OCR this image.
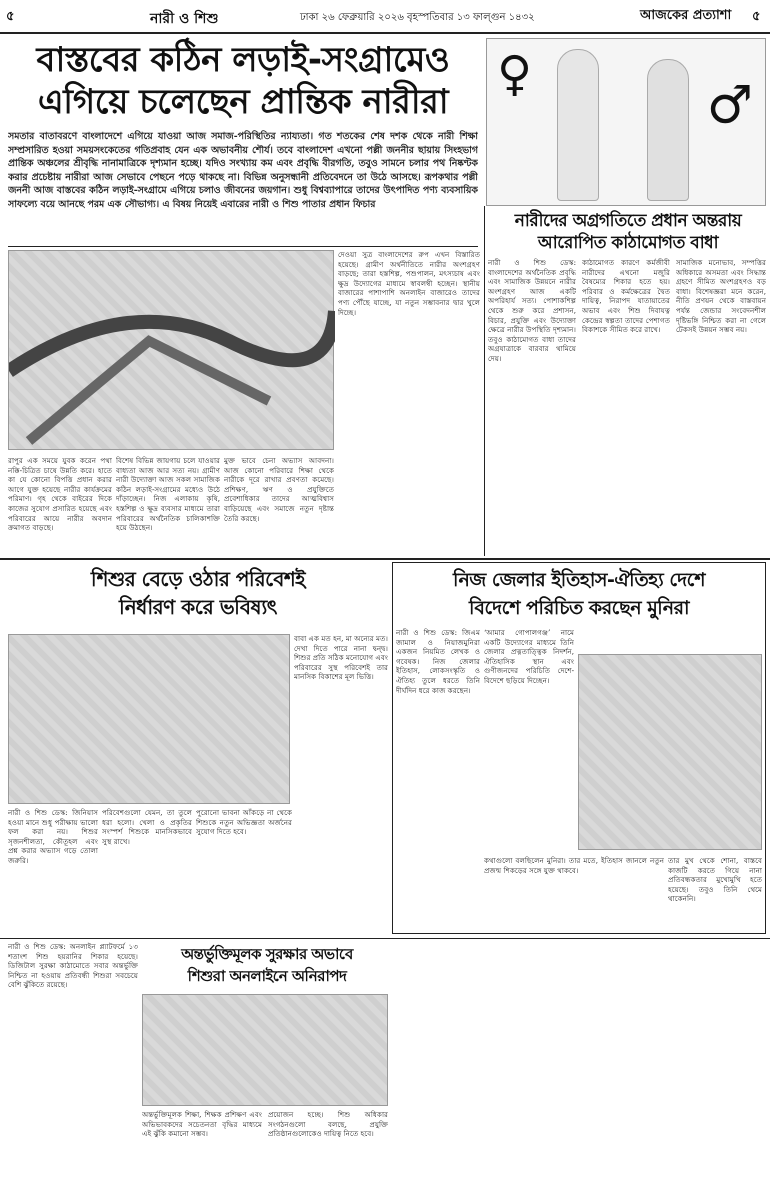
৫	নারী ও শিশু	ঢাকা ২৬ ফেব্রুয়ারি ২০২৬ বৃহস্পতিবার ১৩ ফাল্গুন ১৪৩২	আজকের প্রত্যাশা ৫
বাস্তবের কঠিন লড়াই-সংগ্রামেও
এগিয়ে চলেছেন প্রান্তিক নারীরা	♀
♂
সমতার বাতাবরণে বাংলাদেশে এগিয়ে যাওয়া আজ সমাজ-পরিস্থিতির ন্যায্যতা। গত শতকের শেষ দশক থেকে নারী শিক্ষা সম্প্রসারিত হওয়া সময়সংকেতের গতিপ্রবাহ যেন এক অভাবনীয় শৌর্য। তবে বাংলাদেশ এখনো পল্লী জননীর ছায়ায় সিংহভাগ প্রান্তিক অঞ্চলের শ্রীবৃদ্ধি নানামাত্রিকে দৃশ্যমান হচ্ছে। যদিও সংখ্যায় কম এবং প্রবৃদ্ধি বীরগতি, তবুও সামনে চলার পথ নিষ্কণ্টক করার প্রচেষ্টায় নারীরা আজ সেভাবে পেছনে পড়ে থাকছে না। বিভিন্ন অনুসন্ধানী প্রতিবেদনে তা উঠে আসছে। রূপকথার পল্লী জননী আজ বাস্তবের কঠিন লড়াই-সংগ্রামে এগিয়ে চলাও জীবনের জয়গান। শুধু বিশ্বব্যাপারে তাদের উৎপাদিত পণ্য ব্যবসায়িক সাফল্যে বয়ে আনছে পরম এক সৌভাগ্য। এ বিষয় নিয়েই এবারের নারী ও শিশু পাতার প্রধান ফিচার
দেওয়া সুত্র বাংলাদেশের রুপ এখন বিস্তারিত হয়েছে। গ্রামীণ অর্থনীতিতে নারীর অংশগ্রহণ বাড়ছে; তারা হস্তশিল্প, পশুপালন, মৎস্যচাষ এবং ক্ষুদ্র উদ্যোগের মাধ্যমে স্বাবলম্বী হচ্ছেন। স্থানীয় বাজারের পাশাপাশি অনলাইন বাজারেও তাদের পণ্য পৌঁছে যাচ্ছে, যা নতুন সম্ভাবনার দ্বার খুলে দিচ্ছে।
রাপুর এক সময়ে যুবক করেন পথা নক্কি-চিত্রিত চাষে উন্নতি করে। হাতে কা যে কোনো বিপত্তি প্রধান করার আগে যুক্ত হয়েছে নারীর কার্যক্রমের পরিমাণ। গৃহ থেকে বাইরের দিকে কাজের সুযোগ প্রসারিত হয়েছে এবং পরিবারের আয়ে নারীর অবদান ক্রমাগত বাড়ছে।
বিশেষ বিভিন্ন জায়গায় চলে যাওয়ার বাধ্যতা আজ আর সত্য নয়। গ্রামীণ নারী উদ্যোক্তা আজ সকল সামাজিক কঠিন লড়াই-সংগ্রামের মধ্যেও উঠে দাঁড়াচ্ছেন। নিজ এলাকায় কৃষি, হস্তশিল্প ও ক্ষুদ্র ব্যবসার মাধ্যমে তারা পরিবারের অর্থনৈতিক চালিকাশক্তি হয়ে উঠছেন।
মুক্ত ভাবে চেনা অভ্যাস আবদনা। আজ কোনো পরিবারে শিক্ষা থেকে নারীকে দূরে রাখার প্রবণতা কমেছে। প্রশিক্ষণ, ঋণ ও প্রযুক্তিতে প্রবেশাধিকার তাদের আত্মবিশ্বাস বাড়িয়েছে এবং সমাজে নতুন দৃষ্টান্ত তৈরি করছে।
নারীদের অগ্রগতিতে প্রধান অন্তরায়
আরোপিত কাঠামোগত বাধা
নারী ও শিশু ডেস্ক: বাংলাদেশের অর্থনৈতিক প্রবৃদ্ধি এবং সামাজিক উন্নয়নে নারীর অংশগ্রহণ আজ একটি অপরিহার্য সত্য। পোশাকশিল্প থেকে শুরু করে প্রশাসন, বিচার, প্রযুক্তি এবং উদ্যোক্তা ক্ষেত্রে নারীর উপস্থিতি দৃশ্যমান। তবুও কাঠামোগত বাধা তাদের অগ্রযাত্রাকে বারবার থামিয়ে দেয়।
কাঠামোগত কারণে কর্মজীবী নারীদের এখনো মজুরি বৈষম্যের শিকার হতে হয়। পরিবার ও কর্মক্ষেত্রের দ্বৈত দায়িত্ব, নিরাপদ যাতায়াতের অভাব এবং শিশু দিবাযত্ন কেন্দ্রের স্বল্পতা তাদের পেশাগত বিকাশকে সীমিত করে রাখে।
সামাজিক মনোভাব, সম্পত্তির অধিকারে অসমতা এবং সিদ্ধান্ত গ্রহণে সীমিত অংশগ্রহণও বড় বাধা। বিশেষজ্ঞরা মনে করেন, নীতি প্রণয়ন থেকে বাস্তবায়ন পর্যন্ত জেন্ডার সংবেদনশীল দৃষ্টিভঙ্গি নিশ্চিত করা না গেলে টেকসই উন্নয়ন সম্ভব নয়।
শিশুর বেড়ে ওঠার পরিবেশই
নির্ধারণ করে ভবিষ্যৎ
বাবা এক মত হন, মা অন্যের মত। দেখা দিতে পারে নানা দ্বন্দ্ব। শিশুর প্রতি সঠিক মনোযোগ এবং পরিবারের সুস্থ পরিবেশই তার মানসিক বিকাশের মূল ভিত্তি।
নারী ও শিশু ডেস্ক: জিনিয়াস হওয়া মানে শুধু পরীক্ষায় ভালো ফল করা নয়। শিশুর সৃজনশীলতা, কৌতূহল এবং প্রশ্ন করার অভ্যাস গড়ে তোলা জরুরি।
পরিবেশগুলো যেমন, তা তুলে ধরা হলো। খেলা ও প্রকৃতির সংস্পর্শ শিশুকে মানসিকভাবে সুস্থ রাখে।
পুরোনো ভাবনা আঁকড়ে না থেকে শিশুকে নতুন অভিজ্ঞতা অর্জনের সুযোগ দিতে হবে।
নিজ জেলার ইতিহাস-ঐতিহ্য দেশে
বিদেশে পরিচিত করছেন মুনিরা
নারী ও শিশু ডেস্ক: জিএম জামাল ও নিয়াজমুনিরা একজন নিয়মিত লেখক ও গবেষক। নিজ জেলার ইতিহাস, লোকসংস্কৃতি ও ঐতিহ্য তুলে ধরতে তিনি দীর্ঘদিন ধরে কাজ করছেন।
‘আমার গোপালগঞ্জ’ নামে একটি উদ্যোগের মাধ্যমে তিনি জেলার প্রত্নতাত্ত্বিক নিদর্শন, ঐতিহাসিক স্থান এবং গুণীজনদের পরিচিতি দেশে-বিদেশে ছড়িয়ে দিচ্ছেন।
কথাগুলো বলছিলেন মুনিরা। তার মতে, ইতিহাস জানলে নতুন প্রজন্ম শিকড়ের সঙ্গে যুক্ত থাকবে।
তার মুখ থেকে শোনা, বাস্তবে কাজটি করতে গিয়ে নানা প্রতিবন্ধকতার মুখোমুখি হতে হয়েছে। তবুও তিনি থেমে থাকেননি।
নারী ও শিশু ডেস্ক: অনলাইন প্ল্যাটফর্মে ১৩ শতাংশ শিশু হয়রানির শিকার হয়েছে। ডিজিটাল সুরক্ষা কাঠামোতে সবার অন্তর্ভুক্তি নিশ্চিত না হওয়ায় প্রতিবন্ধী শিশুরা সবচেয়ে বেশি ঝুঁকিতে রয়েছে।
অন্তর্ভুক্তিমূলক সুরক্ষার অভাবে
শিশুরা অনলাইনে অনিরাপদ
অন্তর্ভুক্তিমূলক শিক্ষা, শিক্ষক প্রশিক্ষণ এবং অভিভাবকদের সচেতনতা বৃদ্ধির মাধ্যমে এই ঝুঁকি কমানো সম্ভব।
প্রয়োজন হচ্ছে। শিশু অধিকার সংগঠনগুলো বলছে, প্রযুক্তি প্রতিষ্ঠানগুলোকেও দায়িত্ব নিতে হবে।
